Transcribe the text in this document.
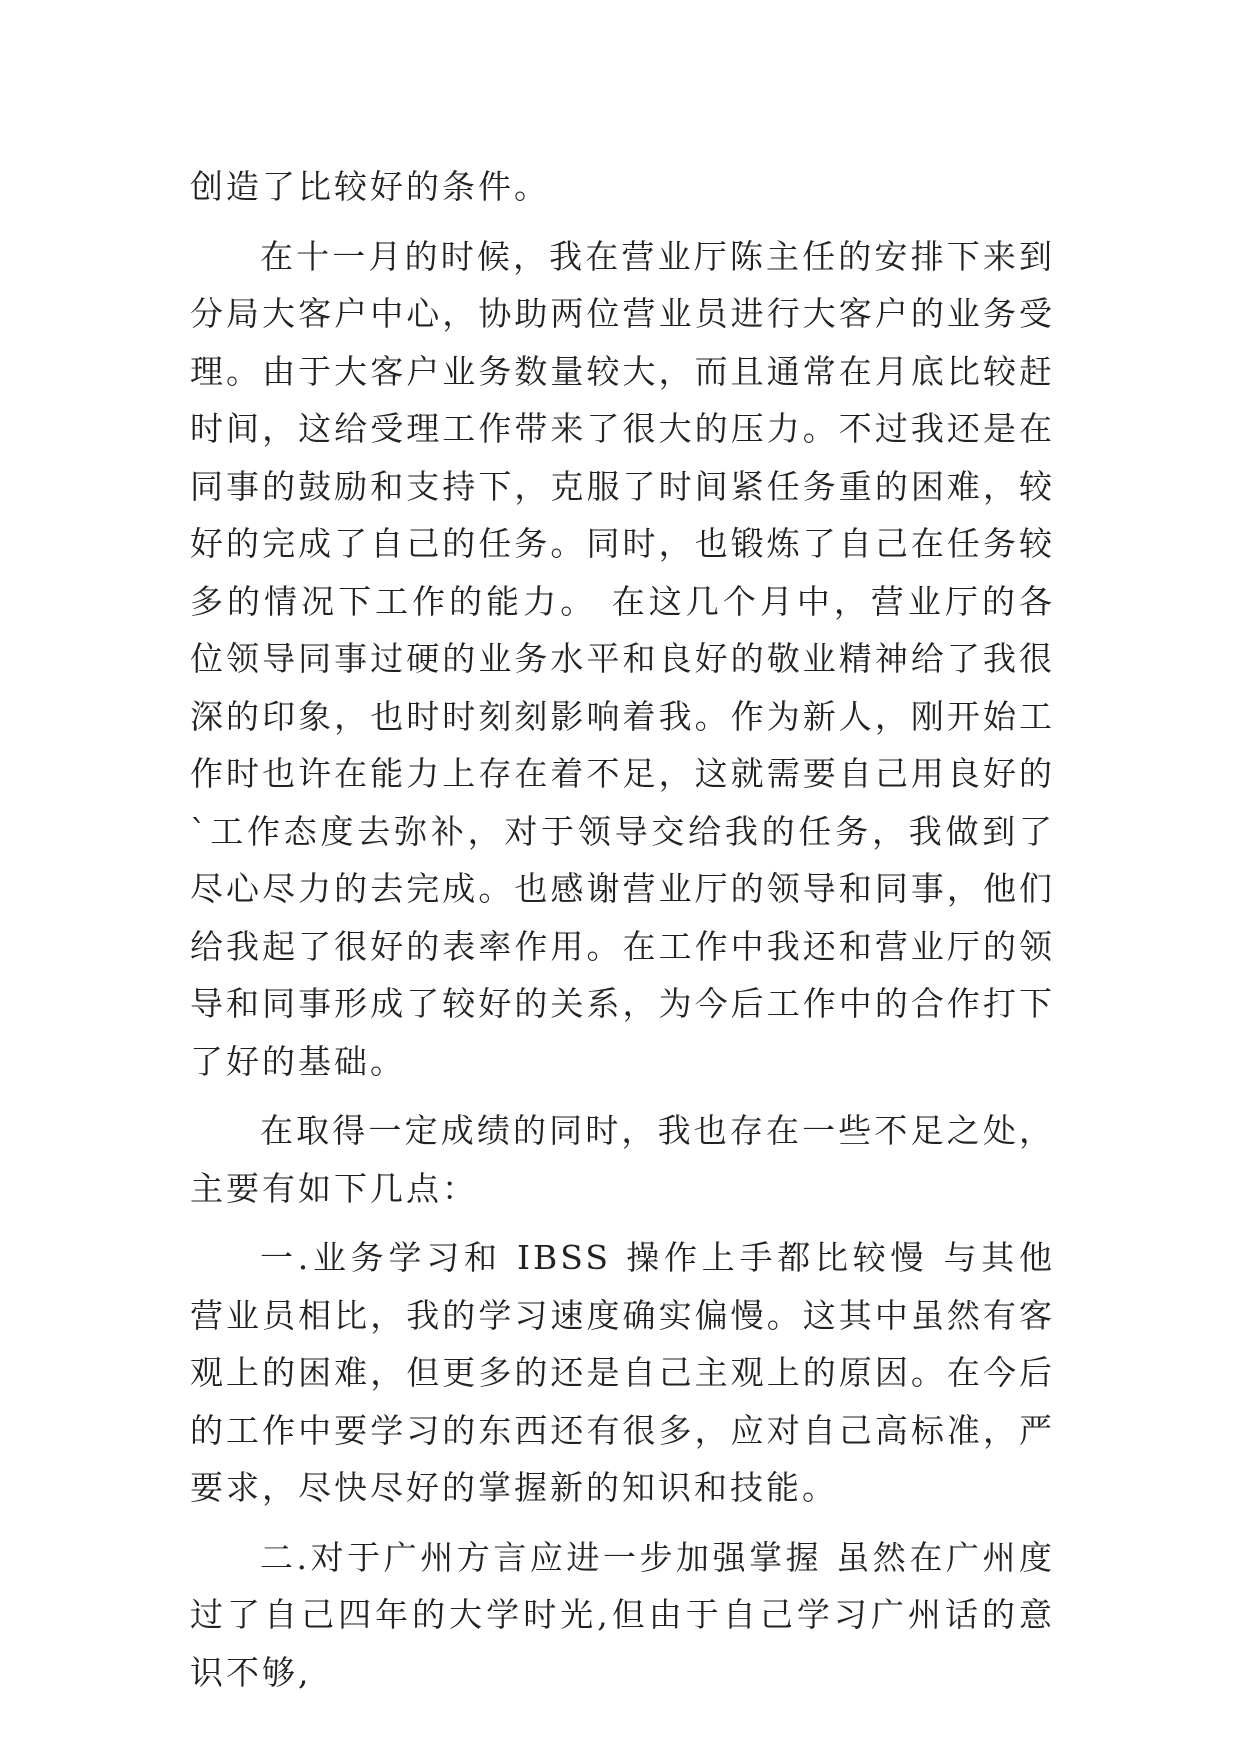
创造了比较好的条件。

在十一月的时候，我在营业厅陈主任的安排下来到分局大客户中心，协助两位营业员进行大客户的业务受理。由于大客户业务数量较大，而且通常在月底比较赶时间，这给受理工作带来了很大的压力。不过我还是在同事的鼓励和支持下，克服了时间紧任务重的困难，较好的完成了自己的任务。同时，也锻炼了自己在任务较多的情况下工作的能力。 在这几个月中，营业厅的各位领导同事过硬的业务水平和良好的敬业精神给了我很深的印象，也时时刻刻影响着我。作为新人，刚开始工作时也许在能力上存在着不足，这就需要自己用良好的`工作态度去弥补，对于领导交给我的任务，我做到了尽心尽力的去完成。也感谢营业厅的领导和同事，他们给我起了很好的表率作用。在工作中我还和营业厅的领导和同事形成了较好的关系，为今后工作中的合作打下了好的基础。

在取得一定成绩的同时，我也存在一些不足之处，主要有如下几点：

一.业务学习和 IBSS 操作上手都比较慢 与其他营业员相比，我的学习速度确实偏慢。这其中虽然有客观上的困难，但更多的还是自己主观上的原因。在今后的工作中要学习的东西还有很多，应对自己高标准，严要求，尽快尽好的掌握新的知识和技能。

二.对于广州方言应进一步加强掌握 虽然在广州度过了自己四年的大学时光,但由于自己学习广州话的意识不够,
